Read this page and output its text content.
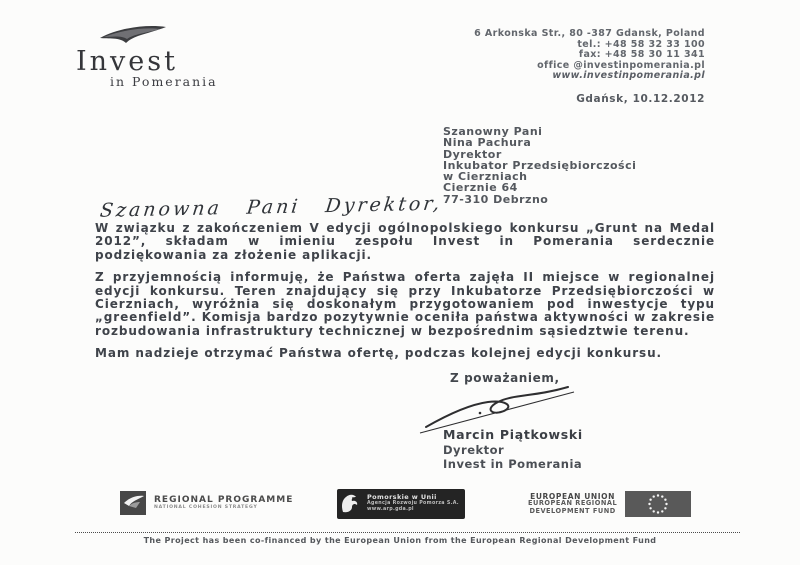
Invest
in Pomerania
6 Arkonska Str., 80 -387 Gdansk, Poland
tel.: +48 58 32 33 100
fax: +48 58 30 11 341
office @investinpomerania.pl
www.investinpomerania.pl
Gdańsk, 10.12.2012
Szanowny Pani
Nina Pachura
Dyrektor
Inkubator Przedsiębiorczości
w Cierzniach
Cierznie 64
77-310 Debrzno
Szanowna Pani Dyrektor,

W związku z zakończeniem V edycji ogólnopolskiego konkursu „Grunt na Medal 2012”, składam w imieniu zespołu Invest in Pomerania serdecznie podziękowania za złożenie aplikacji.

Z przyjemnością informuję, że Państwa oferta zajęła II miejsce w regionalnej edycji konkursu. Teren znajdujący się przy Inkubatorze Przedsiębiorczości w Cierzniach, wyróżnia się doskonałym przygotowaniem pod inwestycje typu „greenfield”. Komisja bardzo pozytywnie oceniła państwa aktywności w zakresie rozbudowania infrastruktury technicznej w bezpośrednim sąsiedztwie terenu.

Mam nadzieje otrzymać Państwa ofertę, podczas kolejnej edycji konkursu.

Z poważaniem,
Marcin Piątkowski
Dyrektor
Invest in Pomerania
REGIONAL PROGRAMME
NATIONAL COHESION STRATEGY
Pomorskie w Unii
Agencja Rozwoju Pomorza S.A.
www.arp.gda.pl
EUROPEAN UNION
EUROPEAN REGIONAL
DEVELOPMENT FUND
The Project has been co-financed by the European Union from the European Regional Development Fund
